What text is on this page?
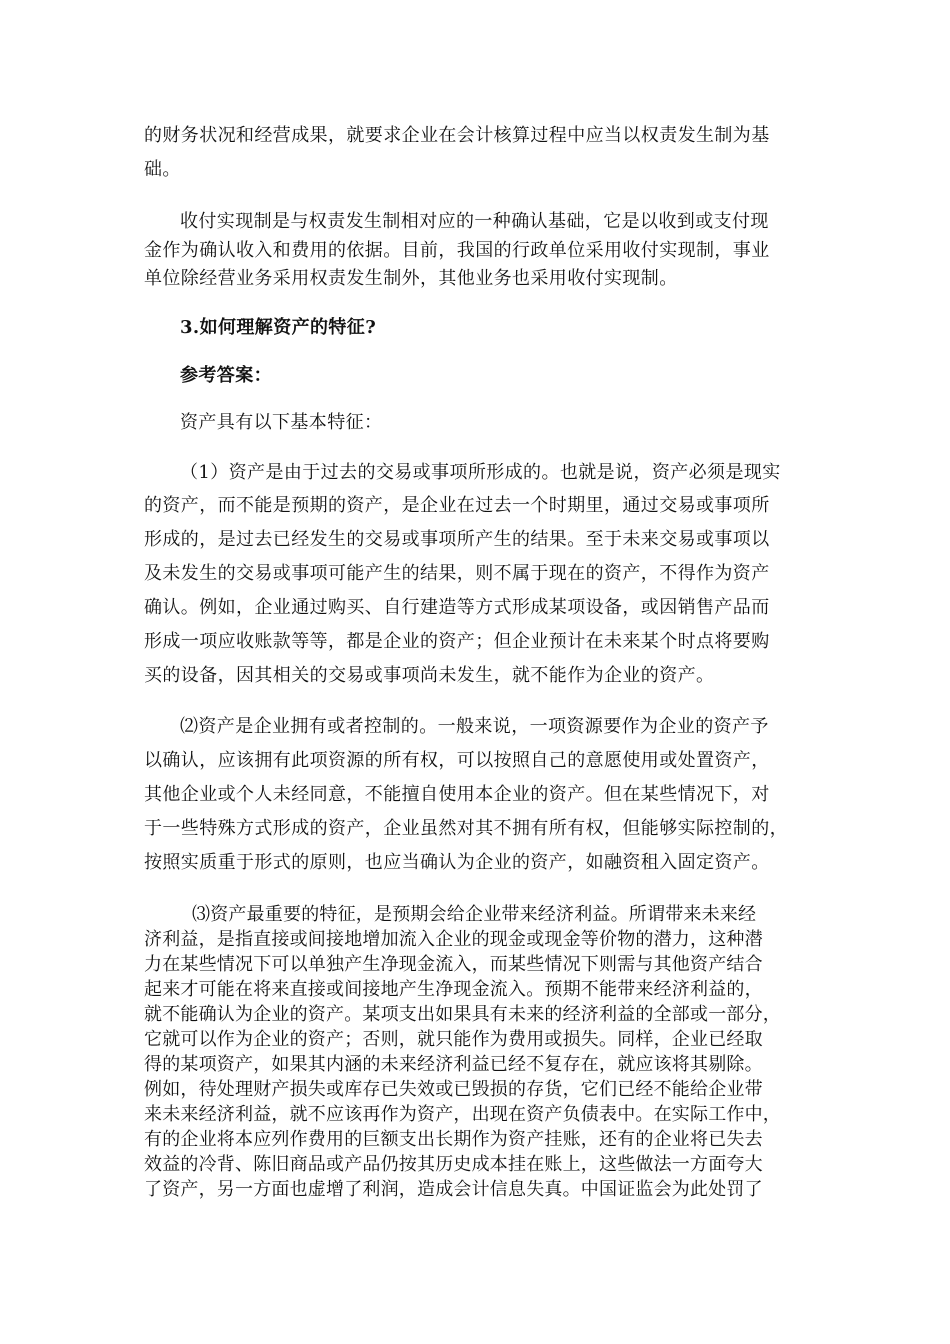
的财务状况和经营成果，就要求企业在会计核算过程中应当以权责发生制为基
础。
收付实现制是与权责发生制相对应的一种确认基础，它是以收到或支付现
金作为确认收入和费用的依据。目前，我国的行政单位采用收付实现制，事业
单位除经营业务采用权责发生制外，其他业务也采用收付实现制。
3.如何理解资产的特征?
参考答案：
资产具有以下基本特征：
（1）资产是由于过去的交易或事项所形成的。也就是说，资产必须是现实
的资产，而不能是预期的资产，是企业在过去一个时期里，通过交易或事项所
形成的，是过去已经发生的交易或事项所产生的结果。至于未来交易或事项以
及未发生的交易或事项可能产生的结果，则不属于现在的资产，不得作为资产
确认。例如，企业通过购买、自行建造等方式形成某项设备，或因销售产品而
形成一项应收账款等等，都是企业的资产；但企业预计在未来某个时点将要购
买的设备，因其相关的交易或事项尚未发生，就不能作为企业的资产。
⑵资产是企业拥有或者控制的。一般来说，一项资源要作为企业的资产予
以确认，应该拥有此项资源的所有权，可以按照自己的意愿使用或处置资产，
其他企业或个人未经同意，不能擅自使用本企业的资产。但在某些情况下，对
于一些特殊方式形成的资产，企业虽然对其不拥有所有权，但能够实际控制的，
按照实质重于形式的原则，也应当确认为企业的资产，如融资租入固定资产。
⑶资产最重要的特征，是预期会给企业带来经济利益。所谓带来未来经
济利益，是指直接或间接地增加流入企业的现金或现金等价物的潜力，这种潜
力在某些情况下可以单独产生净现金流入，而某些情况下则需与其他资产结合
起来才可能在将来直接或间接地产生净现金流入。预期不能带来经济利益的，
就不能确认为企业的资产。某项支出如果具有未来的经济利益的全部或一部分，
它就可以作为企业的资产；否则，就只能作为费用或损失。同样，企业已经取
得的某项资产，如果其内涵的未来经济利益已经不复存在，就应该将其剔除。
例如，待处理财产损失或库存已失效或已毁损的存货，它们已经不能给企业带
来未来经济利益，就不应该再作为资产，出现在资产负债表中。在实际工作中，
有的企业将本应列作费用的巨额支出长期作为资产挂账，还有的企业将已失去
效益的冷背、陈旧商品或产品仍按其历史成本挂在账上，这些做法一方面夸大
了资产，另一方面也虚增了利润，造成会计信息失真。中国证监会为此处罚了
